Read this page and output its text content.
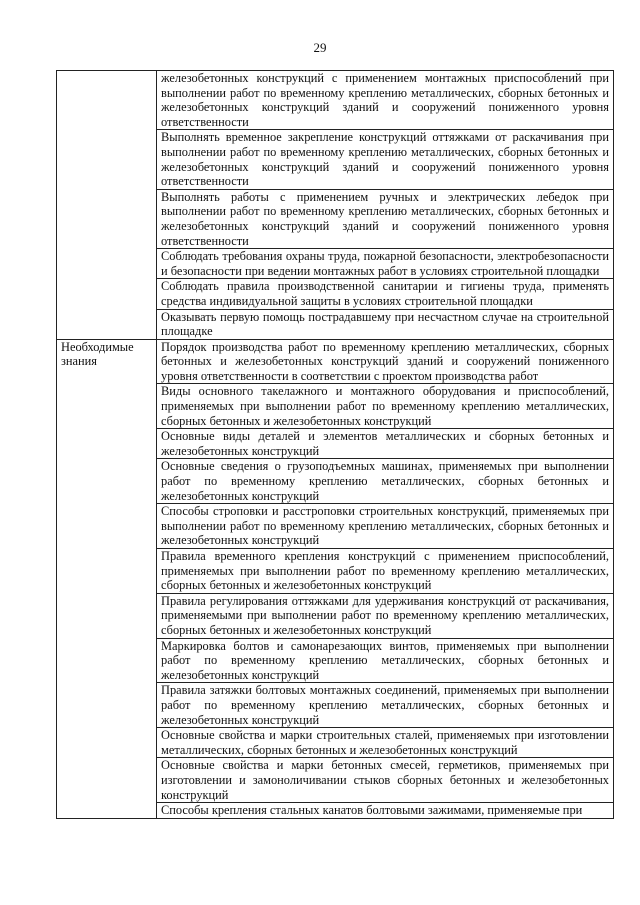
29
	железобетонных конструкций с применением монтажных приспособлений при выполнении работ по временному креплению металлических, сборных бетонных и железобетонных конструкций зданий и сооружений пониженного уровня ответственности
	Выполнять временное закрепление конструкций оттяжками от раскачивания при выполнении работ по временному креплению металлических, сборных бетонных и железобетонных конструкций зданий и сооружений пониженного уровня ответственности
	Выполнять работы с применением ручных и электрических лебедок при выполнении работ по временному креплению металлических, сборных бетонных и железобетонных конструкций зданий и сооружений пониженного уровня ответственности
	Соблюдать требования охраны труда, пожарной безопасности, электробезопасности и безопасности при ведении монтажных работ в условиях строительной площадки
	Соблюдать правила производственной санитарии и гигиены труда, применять средства индивидуальной защиты в условиях строительной площадки
	Оказывать первую помощь пострадавшему при несчастном случае на строительной площадке
Необходимые знания	Порядок производства работ по временному креплению металлических, сборных бетонных и железобетонных конструкций зданий и сооружений пониженного уровня ответственности в соответствии с проектом производства работ
	Виды основного такелажного и монтажного оборудования и приспособлений, применяемых при выполнении работ по временному креплению металлических, сборных бетонных и железобетонных конструкций
	Основные виды деталей и элементов металлических и сборных бетонных и железобетонных конструкций
	Основные сведения о грузоподъемных машинах, применяемых при выполнении работ по временному креплению металлических, сборных бетонных и железобетонных конструкций
	Способы строповки и расстроповки строительных конструкций, применяемых при выполнении работ по временному креплению металлических, сборных бетонных и железобетонных конструкций
	Правила временного крепления конструкций с применением приспособлений, применяемых при выполнении работ по временному креплению металлических, сборных бетонных и железобетонных конструкций
	Правила регулирования оттяжками для удерживания конструкций от раскачивания, применяемыми при выполнении работ по временному креплению металлических, сборных бетонных и железобетонных конструкций
	Маркировка болтов и самонарезающих винтов, применяемых при выполнении работ по временному креплению металлических, сборных бетонных и железобетонных конструкций
	Правила затяжки болтовых монтажных соединений, применяемых при выполнении работ по временному креплению металлических, сборных бетонных и железобетонных конструкций
	Основные свойства и марки строительных сталей, применяемых при изготовлении металлических, сборных бетонных и железобетонных конструкций
	Основные свойства и марки бетонных смесей, герметиков, применяемых при изготовлении и замоноличивании стыков сборных бетонных и железобетонных конструкций
	Способы крепления стальных канатов болтовыми зажимами, применяемые при
